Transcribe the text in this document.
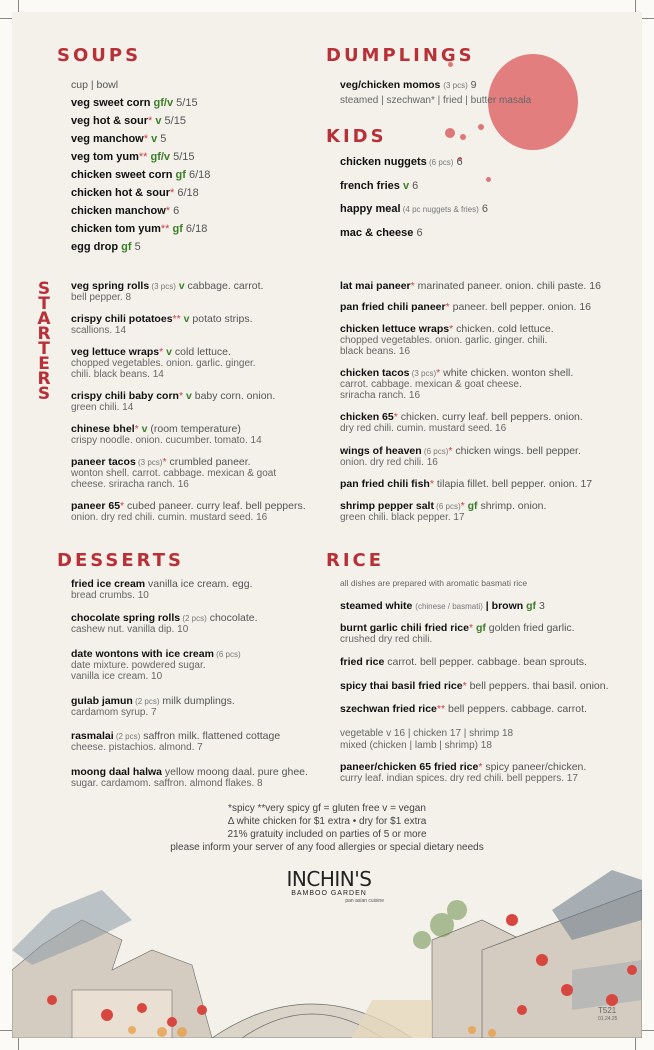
SOUPS
cup | bowl
veg sweet corn gf/v 5/15
veg hot & sour* v 5/15
veg manchow* v 5
veg tom yum** gf/v 5/15
chicken sweet corn gf 6/18
chicken hot & sour* 6/18
chicken manchow* 6
chicken tom yum** gf 6/18
egg drop gf 5
DUMPLINGS
veg/chicken momos (3 pcs) 9
steamed | szechwan* | fried | butter masala
KIDS
chicken nuggets (6 pcs) 6
french fries v 6
happy meal (4 pc nuggets & fries) 6
mac & cheese 6
S
T
A
R
T
E
R
S
veg spring rolls (3 pcs) v cabbage. carrot.
bell pepper. 8
crispy chili potatoes** v potato strips.
scallions. 14
veg lettuce wraps* v cold lettuce.
chopped vegetables. onion. garlic. ginger.
chili. black beans. 14
crispy chili baby corn* v baby corn. onion.
green chili. 14
chinese bhel* v (room temperature)
crispy noodle. onion. cucumber. tomato. 14
paneer tacos (3 pcs)* crumbled paneer.
wonton shell. carrot. cabbage. mexican & goat
cheese. sriracha ranch. 16
paneer 65* cubed paneer. curry leaf. bell peppers.
onion. dry red chili. cumin. mustard seed. 16
lat mai paneer* marinated paneer. onion. chili paste. 16
pan fried chili paneer* paneer. bell pepper. onion. 16
chicken lettuce wraps* chicken. cold lettuce.
chopped vegetables. onion. garlic. ginger. chili.
black beans. 16
chicken tacos (3 pcs)* white chicken. wonton shell.
carrot. cabbage. mexican & goat cheese.
sriracha ranch. 16
chicken 65* chicken. curry leaf. bell peppers. onion.
dry red chili. cumin. mustard seed. 16
wings of heaven (6 pcs)* chicken wings. bell pepper.
onion. dry red chili. 16
pan fried chili fish* tilapia fillet. bell pepper. onion. 17
shrimp pepper salt (6 pcs)* gf shrimp. onion.
green chili. black pepper. 17
DESSERTS
fried ice cream vanilla ice cream. egg.
bread crumbs. 10
chocolate spring rolls (2 pcs) chocolate.
cashew nut. vanilla dip. 10
date wontons with ice cream (6 pcs)
date mixture. powdered sugar.
vanilla ice cream. 10
gulab jamun (2 pcs) milk dumplings.
cardamom syrup. 7
rasmalai (2 pcs) saffron milk. flattened cottage
cheese. pistachios. almond. 7
moong daal halwa yellow moong daal. pure ghee.
sugar. cardamom. saffron. almond flakes. 8
RICE
all dishes are prepared with aromatic basmati rice
steamed white (chinese / basmati) | brown gf 3
burnt garlic chili fried rice* gf golden fried garlic.
crushed dry red chili.
fried rice carrot. bell pepper. cabbage. bean sprouts.
spicy thai basil fried rice* bell peppers. thai basil. onion.
szechwan fried rice** bell peppers. cabbage. carrot.
vegetable v 16 | chicken 17 | shrimp 18
mixed (chicken | lamb | shrimp) 18
paneer/chicken 65 fried rice* spicy paneer/chicken.
curry leaf. indian spices. dry red chili. bell peppers. 17
*spicy **very spicy gf = gluten free v = vegan
Δ white chicken for $1 extra • dry for $1 extra
21% gratuity included on parties of 5 or more
please inform your server of any food allergies or special dietary needs
INCHIN'S
BAMBOO GARDEN
pan asian cuisine
T521
01.24.25
